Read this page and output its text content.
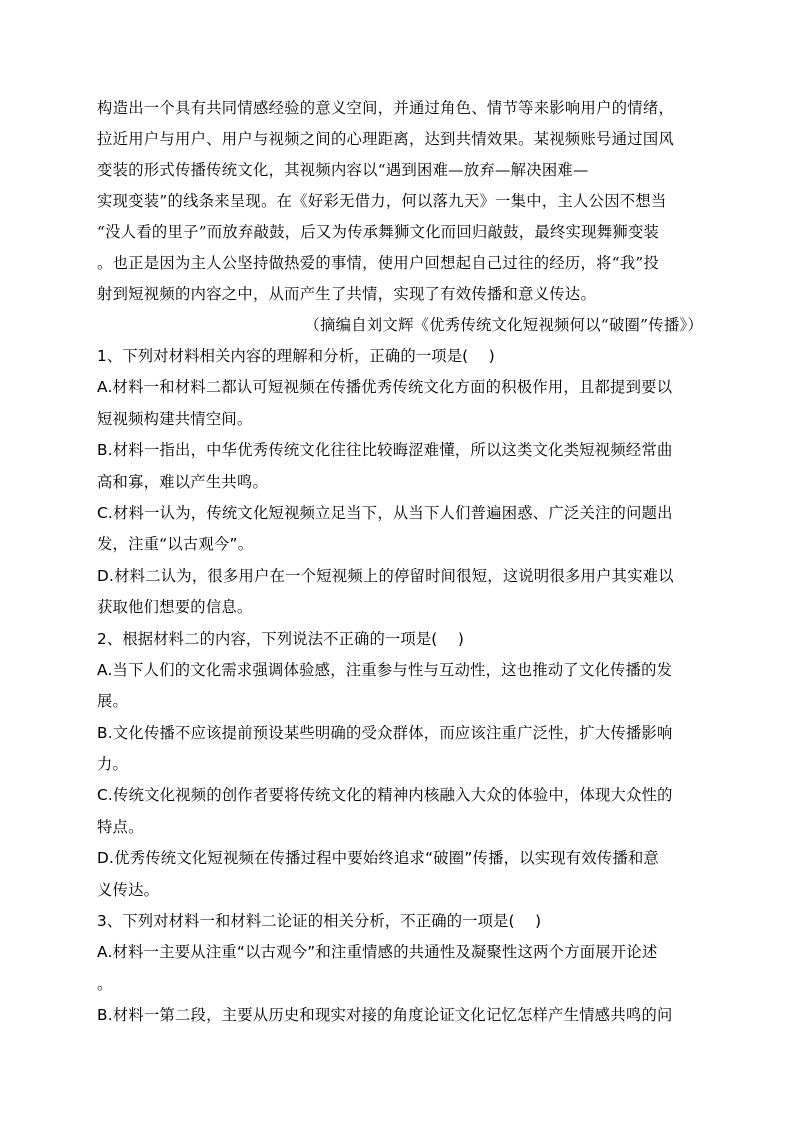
构造出一个具有共同情感经验的意义空间，并通过角色、情节等来影响用户的情绪，
拉近用户与用户、用户与视频之间的心理距离，达到共情效果。某视频账号通过国风
变装的形式传播传统文化，其视频内容以“遇到困难—放弃—解决困难—
实现变装”的线条来呈现。在《好彩无借力，何以落九天》一集中，主人公因不想当
“没人看的里子”而放弃敲鼓，后又为传承舞狮文化而回归敲鼓，最终实现舞狮变装
。也正是因为主人公坚持做热爱的事情，使用户回想起自己过往的经历，将“我”投
射到短视频的内容之中，从而产生了共情，实现了有效传播和意义传达。
（摘编自刘文辉《优秀传统文化短视频何以“破圈”传播》）
1、下列对材料相关内容的理解和分析，正确的一项是(　 )
A.材料一和材料二都认可短视频在传播优秀传统文化方面的积极作用，且都提到要以
短视频构建共情空间。
B.材料一指出，中华优秀传统文化往往比较晦涩难懂，所以这类文化类短视频经常曲
高和寡，难以产生共鸣。
C.材料一认为，传统文化短视频立足当下，从当下人们普遍困惑、广泛关注的问题出
发，注重“以古观今”。
D.材料二认为，很多用户在一个短视频上的停留时间很短，这说明很多用户其实难以
获取他们想要的信息。
2、根据材料二的内容，下列说法不正确的一项是(　 )
A.当下人们的文化需求强调体验感，注重参与性与互动性，这也推动了文化传播的发
展。
B.文化传播不应该提前预设某些明确的受众群体，而应该注重广泛性，扩大传播影响
力。
C.传统文化视频的创作者要将传统文化的精神内核融入大众的体验中，体现大众性的
特点。
D.优秀传统文化短视频在传播过程中要始终追求“破圈”传播，以实现有效传播和意
义传达。
3、下列对材料一和材料二论证的相关分析，不正确的一项是(　 )
A.材料一主要从注重“以古观今”和注重情感的共通性及凝聚性这两个方面展开论述
。
B.材料一第二段，主要从历史和现实对接的角度论证文化记忆怎样产生情感共鸣的问
